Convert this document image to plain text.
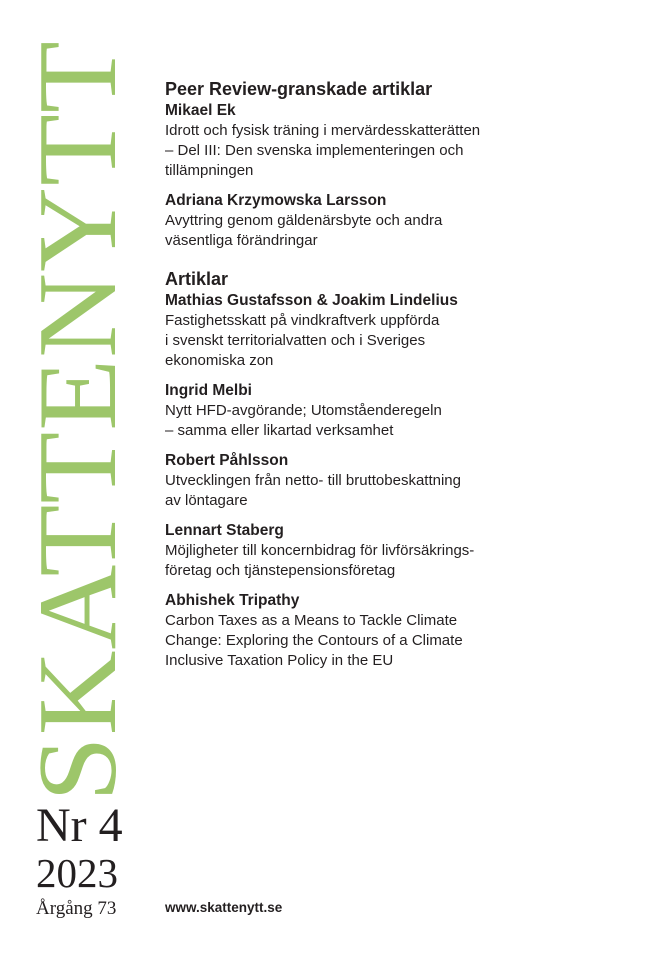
SKATTENYTT
Nr 4
2023
Årgång 73
Peer Review-granskade artiklar
Mikael Ek
Idrott och fysisk träning i mervärdesskatterätten
– Del III: Den svenska implementeringen och
tillämpningen
Adriana Krzymowska Larsson
Avyttring genom gäldenärsbyte och andra
väsentliga förändringar
Artiklar
Mathias Gustafsson & Joakim Lindelius
Fastighetsskatt på vindkraftverk uppförda
i svenskt territorialvatten och i Sveriges
ekonomiska zon
Ingrid Melbi
Nytt HFD-avgörande; Utomståenderegeln
– samma eller likartad verksamhet
Robert Påhlsson
Utvecklingen från netto- till bruttobeskattning
av löntagare
Lennart Staberg
Möjligheter till koncernbidrag för livförsäkrings-
företag och tjänstepensionsföretag
Abhishek Tripathy
Carbon Taxes as a Means to Tackle Climate
Change: Exploring the Contours of a Climate
Inclusive Taxation Policy in the EU
www.skattenytt.se
